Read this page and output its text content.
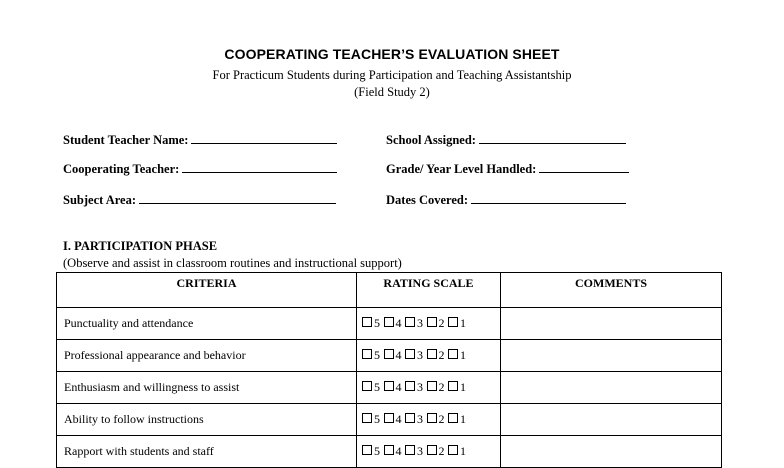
COOPERATING TEACHER’S EVALUATION SHEET
For Practicum Students during Participation and Teaching Assistantship
(Field Study 2)
Student Teacher Name:	School Assigned:
Cooperating Teacher:	Grade/ Year Level Handled:
Subject Area:	Dates Covered:
I. PARTICIPATION PHASE
(Observe and assist in classroom routines and instructional support)
CRITERIA	RATING SCALE	COMMENTS
Punctuality and attendance	5 4 3 2 1	
Professional appearance and behavior	5 4 3 2 1	
Enthusiasm and willingness to assist	5 4 3 2 1	
Ability to follow instructions	5 4 3 2 1	
Rapport with students and staff	5 4 3 2 1	
